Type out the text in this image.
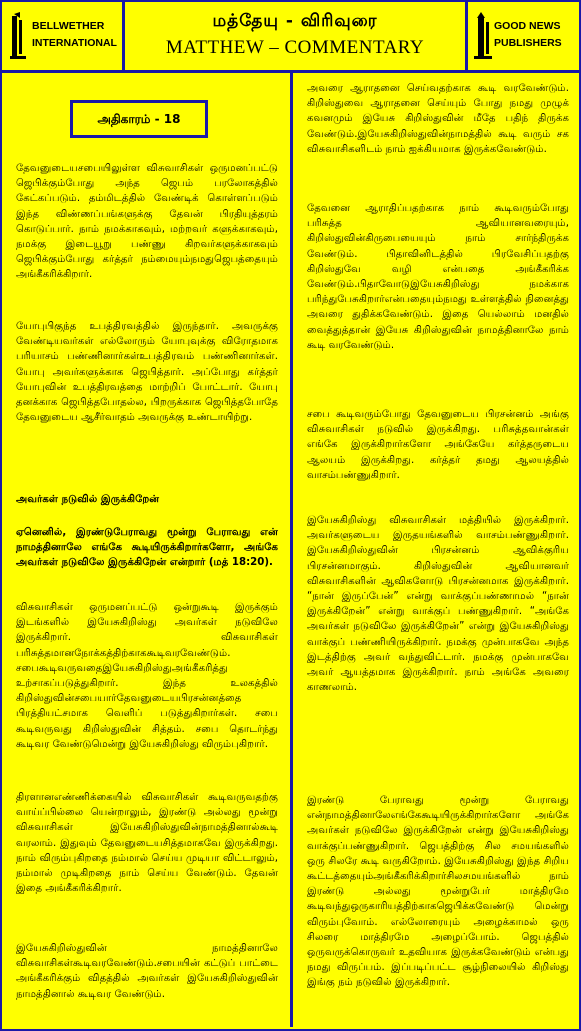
BELLWETHER
INTERNATIONAL
மத்தேயு - விரிவுரை
MATTHEW – COMMENTARY
GOOD NEWS
PUBLISHERS
அதிகாரம் - 18
தேவனுடையசபையிலுள்ள விசுவாசிகள் ஒருமனப்பட்டு ஜெபிக்கும்போது அந்த ஜெபம் பரலோகத்தில் கேட்கப்படும். தம்மிடத்தில் வேண்டிக் கொள்ளப்படும் இந்த விண்ணப்பங்களுக்கு தேவன் பிரதியுத்தரம் கொடுப்பார். நாம் நமக்காகவும், மற்றவர் களுக்காகவும், நமக்கு இடையூறு பண்ணு கிறவர்களுக்காகவும் ஜெபிக்கும்போது கர்த்தர் நம்மையும்நமதுஜெபத்தையும் அங்கீகரிக்கிறார்.
யோபுபிகுந்த உபத்திரவத்தில் இருந்தார். அவருக்கு வேண்டியவர்கள் எல்லோரும் யோபுவுக்கு விரோதமாக பரியாசம் பண்ணினார்கள்உபத்திரவம் பண்ணினார்கள். யோபு அவர்களுக்காக ஜெபித்தார். அப்போது கர்த்தர் யோபுவின் உபத்திரவத்தை மாற்றிப் போட்டார். யோபு தனக்காக ஜெபித்தபோதல்ல, பிறருக்காக ஜெபித்தபோதே தேவனுடைய ஆசீர்வாதம் அவருக்கு உண்டாயிற்று.
அவர்கள் நடுவில் இருக்கிறேன்
ஏனெனில், இரண்டுபேராவது மூன்று பேராவது என் நாமத்தினாலே எங்கே கூடியிருக்கிறார்களோ, அங்கே அவர்கள் நடுவிலே இருக்கிறேன் என்றார் (மத் 18:20).
விசுவாசிகள் ஒருமனப்பட்டு ஒன்றுகூடி இருக்கும் இடங்களில் இயேசுகிறிஸ்து அவர்கள் நடுவிலே இருக்கிறார். விசுவாசிகள் பரிசுத்தமானநோக்கத்திற்காககூடிவரவேண்டும். சபைகூடிவருவதைஇயேசுகிறிஸ்துஅங்கீகரித்து உற்சாகப்படுத்துகிறார். இந்த உலகத்தில் கிறிஸ்துவின்சபையார்தேவனுடையபிரசன்னத்தை பிரத்தியட்சமாக வெளிப் படுத்துகிறார்கள். சபை கூடிவருவது கிறிஸ்துவின் சித்தம். சபை தொடர்ந்து கூடிவர வேண்டுமென்று இயேசுகிறிஸ்து விரும்புகிறார்.
திரளானஎண்ணிக்கையில் விசுவாசிகள் கூடிவருவதற்கு வாய்ப்பில்லை யென்றாலும், இரண்டு அல்லது மூன்று விசுவாசிகள் இயேசுகிறிஸ்துவின்நாமத்தினால்கூடி வரலாம். இதுவும் தேவனுடையசித்தமாகவே இருக்கிறது. நாம் விரும்புகிறதை நம்மால் செய்ய முடியா விட்டாலும், நம்மால் முடிகிறதை நாம் செய்ய வேண்டும். தேவன் இதை அங்கீகரிக்கிறார்.
இயேசுகிறிஸ்துவின் நாமத்தினாலே விசுவாசிகள்கூடிவரவேண்டும்.சபையின் கட்டுப் பாட்டை அங்கீகரிக்கும் விதத்தில் அவர்கள் இயேசுகிறிஸ்துவின் நாமத்தினால் கூடிவர வேண்டும்.
அவரை ஆராதனை செய்வதற்காக கூடி வரவேண்டும். கிறிஸ்துவை ஆராதனை செய்யும் போது நமது முழுக் கவனமும் இயேசு கிறிஸ்துவின் மீதே பதிந் திருக்க வேண்டும்.இயேசுகிறிஸ்துவின்நாமத்தில் கூடி வரும் சக விசுவாசிகளிடம் நாம் ஐக்கியமாக இருக்கவேண்டும்.
தேவனை ஆராதிப்பதற்காக நாம் கூடிவரும்போது பரிசுத்த ஆவியானவரையும், கிறிஸ்துவின்கிருபையையும் நாம் சார்ந்திருக்க வேண்டும். பிதாவினிடத்தில் பிரவேசிப்பதற்கு கிறிஸ்துவே வழி என்பதை அங்கீகரிக்க வேண்டும்.பிதாவோடுஇயேசுகிறிஸ்து நமக்காக பரிந்துபேசுகிறார்என்பதையும்நமது உள்ளத்தில் நினைத்து அவரை துதிக்கவேண்டும். இதை யெல்லாம் மனதில் வைத்துத்தான் இயேசு கிறிஸ்துவின் நாமத்தினாலே நாம் கூடி வரவேண்டும்.
சபை கூடிவரும்போது தேவனுடைய பிரசன்னம் அங்கு விசுவாசிகள் நடுவில் இருக்கிறது. பரிசுத்தவான்கள் எங்கே இருக்கிறார்களோ அங்கேயே கர்த்தருடைய ஆலயம் இருக்கிறது. கர்த்தர் தமது ஆலயத்தில் வாசம்பண்ணுகிறார்.
இயேசுகிறிஸ்து விசுவாசிகள் மத்தியில் இருக்கிறார். அவர்களுடைய இருதயங்களில் வாசம்பண்ணுகிறார். இயேசுகிறிஸ்துவின் பிரசன்னம் ஆவிக்குரிய பிரசன்னமாகும். கிறிஸ்துவின் ஆவியானவர் விசுவாசிகளின் ஆவிகளோடு பிரசன்னமாக இருக்கிறார். “நான் இருப்பேன்” என்று வாக்குப்பண்ணாமல் “நான் இருக்கிறேன்” என்று வாக்குப் பண்ணுகிறார். “அங்கே அவர்கள் நடுவிலே இருக்கிறேன்” என்று இயேசுகிறிஸ்து வாக்குப் பண்ணியிருக்கிறார். நமக்கு முன்பாகவே அந்த இடத்திற்கு அவர் வந்துவிட்டார். நமக்கு முன்பாகவே அவர் ஆயத்தமாக இருக்கிறார். நாம் அங்கே அவரை காணலாம்.
இரண்டு பேராவது மூன்று பேராவது என்நாமத்தினாலேஎங்கேகூடியிருக்கிறார்களோ அங்கே அவர்கள் நடுவிலே இருக்கிறேன் என்று இயேசுகிறிஸ்து வாக்குப்பண்ணுகிறார். ஜெபத்திற்கு சில சமயங்களில் ஒரு சிலரே கூடி வருகிறோம். இயேசுகிறிஸ்து இந்த சிறிய கூட்டத்தையும்அங்கீகரிக்கிறார்சிலசமயங்களில் நாம் இரண்டு அல்லது மூன்றுபேர் மாத்திரமே கூடிவந்துஒருகாரியத்திற்காகஜெபிக்கவேண்டு மென்று விரும்புவோம். எல்லோரையும் அழைக்காமல் ஒரு சிலரை மாத்திரமே அழைப்போம். ஜெபத்தில் ஒருவருக்கொருவர் உதவியாக இருக்கவேண்டும் என்பது நமது விருப்பம். இப்படிப்பட்ட சூழ்நிலையில் கிறிஸ்து இங்கு நம் நடுவில் இருக்கிறார்.
